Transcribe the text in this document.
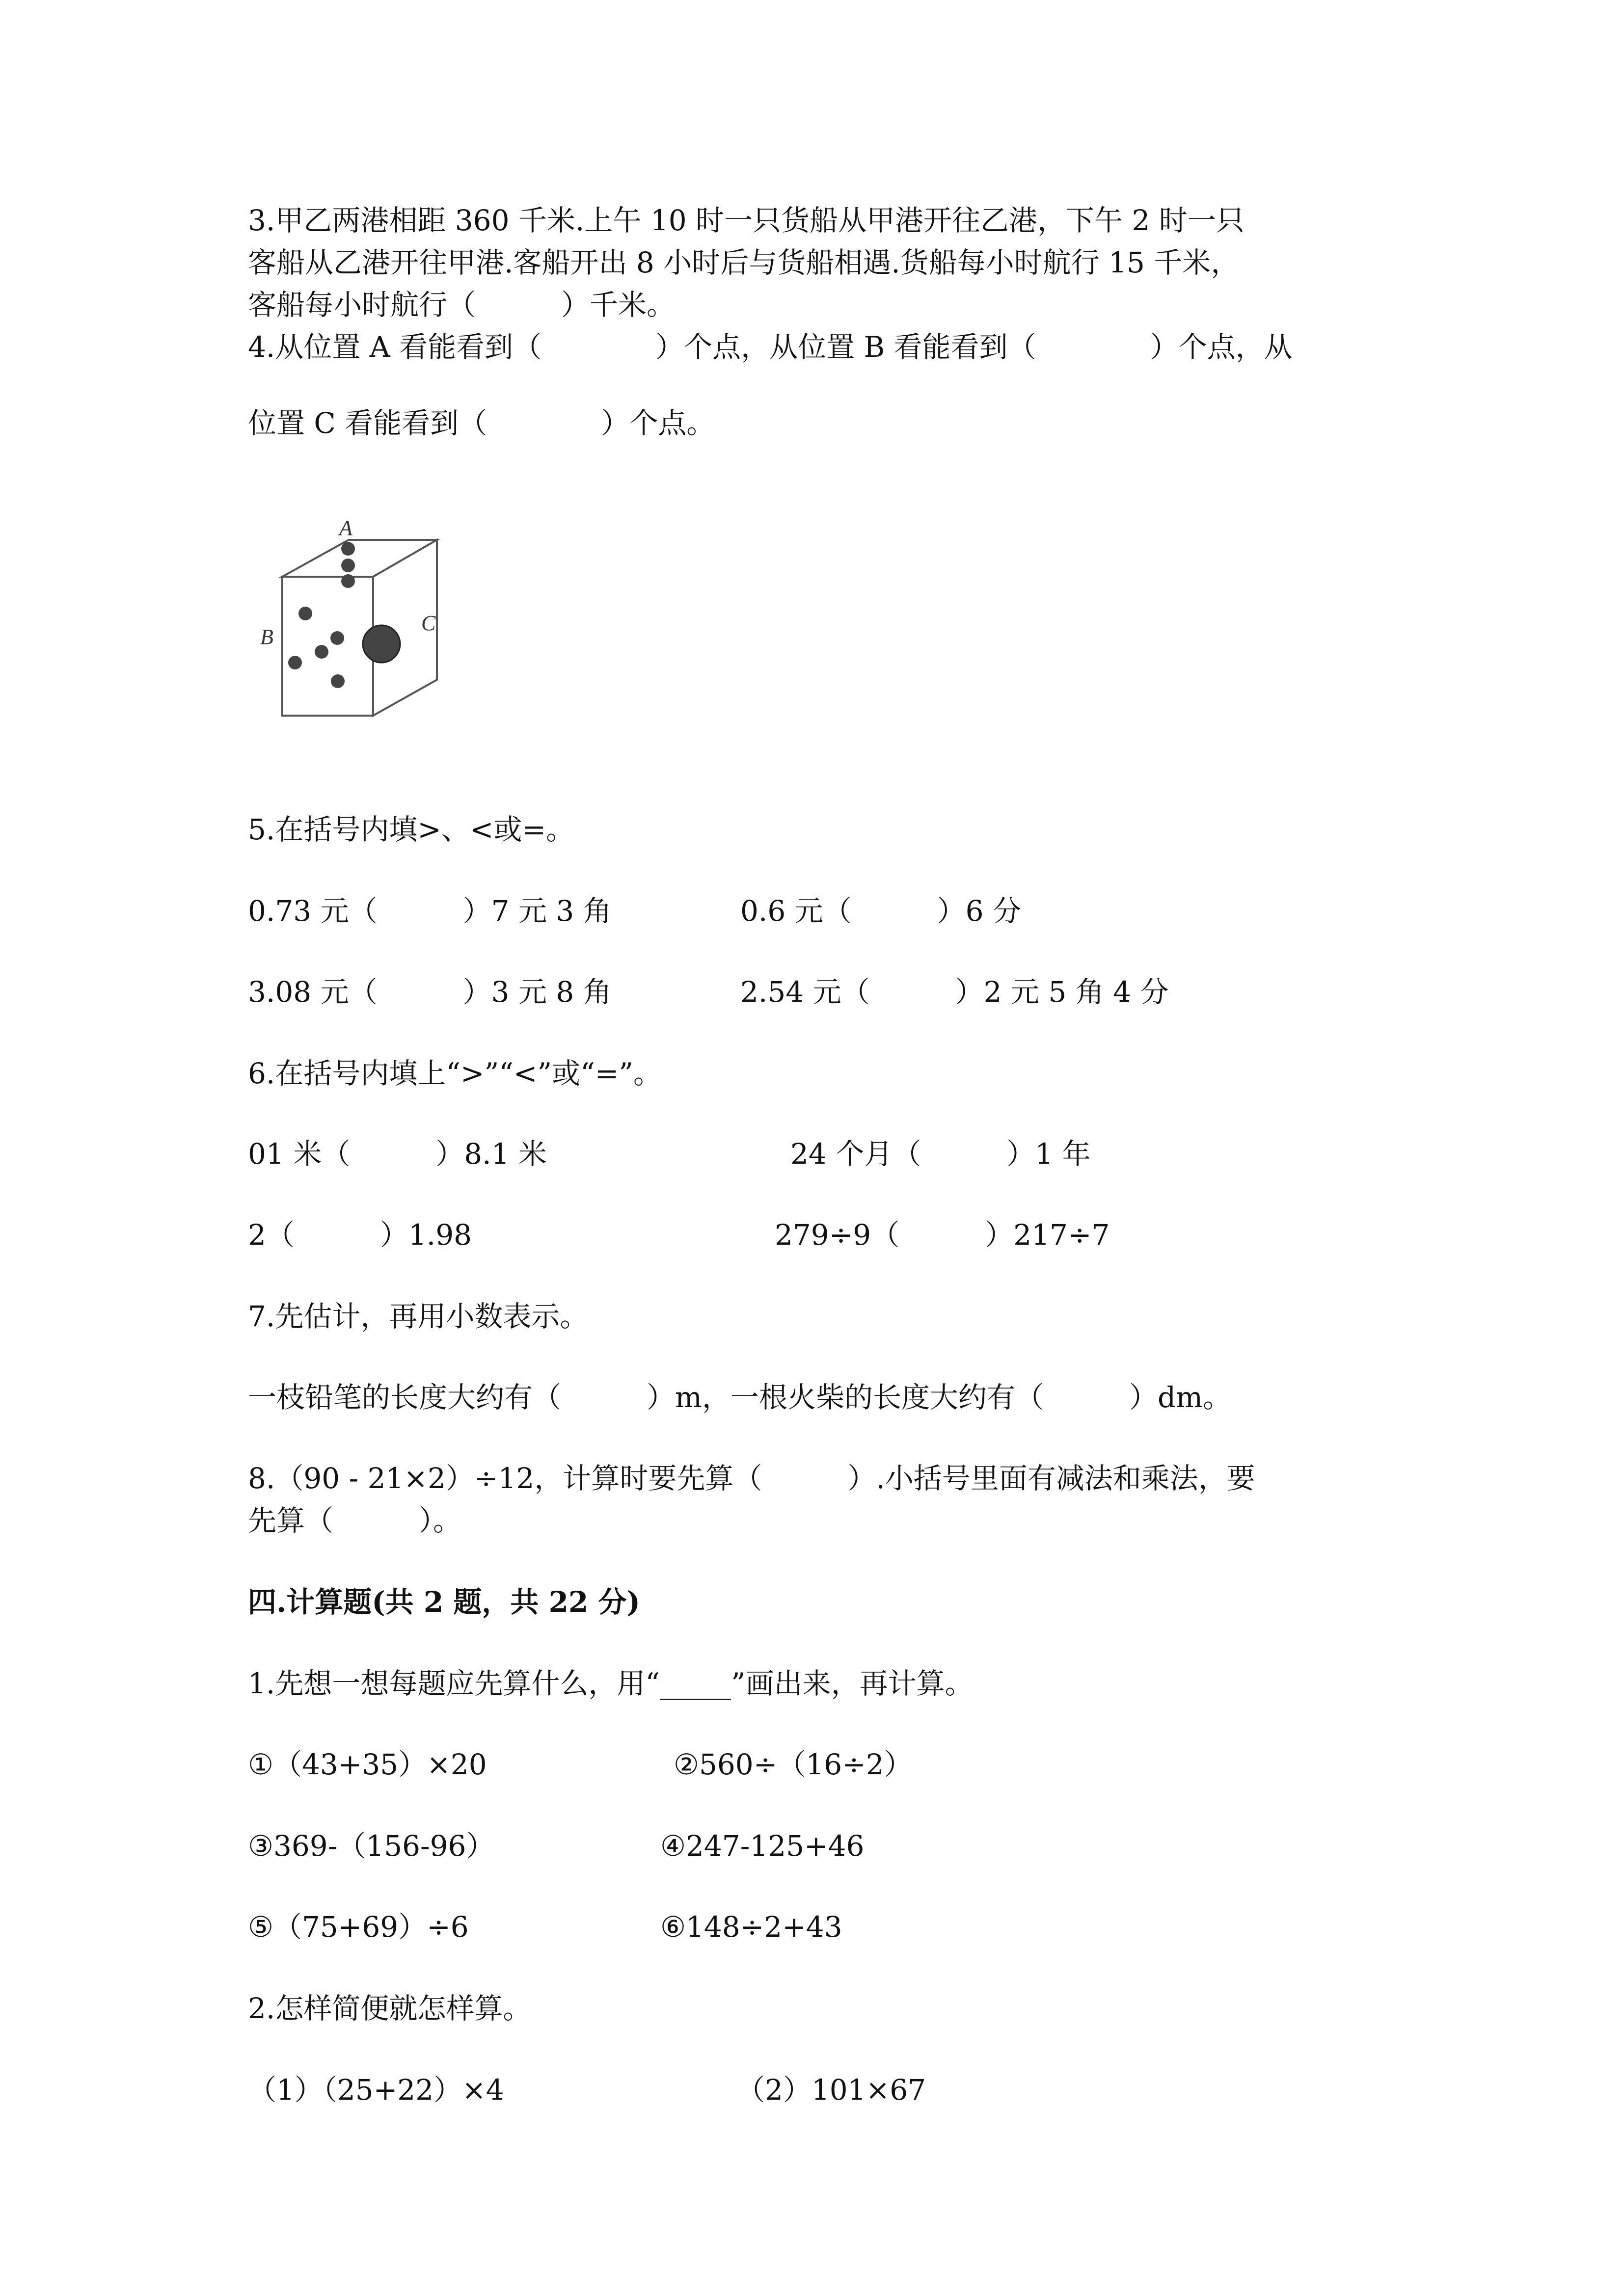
3.甲乙两港相距 360 千米.上午 10 时一只货船从甲港开往乙港，下午 2 时一只
客船从乙港开往甲港.客船开出 8 小时后与货船相遇.货船每小时航行 15 千米，
客船每小时航行（　　　）千米。
4.从位置 A 看能看到（　　　　）个点，从位置 B 看能看到（　　　　）个点，从
位置 C 看能看到（　　　　）个点。
A
B
C
5.在括号内填>、<或=。
0.73 元（　　　）7 元 3 角	0.6 元（　　　）6 分
3.08 元（　　　）3 元 8 角	2.54 元（　　　）2 元 5 角 4 分
6.在括号内填上“>”“<”或“=”。
01 米（　　　）8.1 米	24 个月（　　　）1 年
2（　　　）1.98	279÷9（　　　）217÷7
7.先估计，再用小数表示。
一枝铅笔的长度大约有（　　　）m，一根火柴的长度大约有（　　　）dm。
8.（90 - 21×2）÷12，计算时要先算（　　　）.小括号里面有减法和乘法，要
先算（　　　）。
四.计算题(共 2 题，共 22 分)
1.先想一想每题应先算什么，用“_____”画出来，再计算。
①（43+35）×20	②560÷（16÷2）
③369-（156-96）	④247-125+46
⑤（75+69）÷6	⑥148÷2+43
2.怎样简便就怎样算。
（1）（25+22）×4	（2）101×67
